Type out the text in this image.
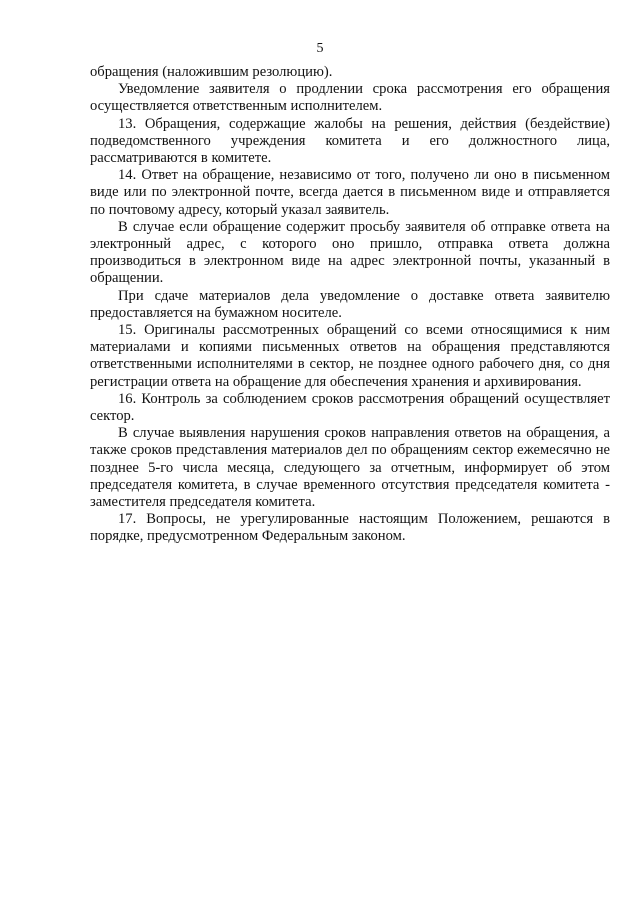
5

обращения (наложившим резолюцию).

Уведомление заявителя о продлении срока рассмотрения его обращения осуществляется ответственным исполнителем.

13. Обращения, содержащие жалобы на решения, действия (бездействие) подведомственного учреждения комитета и его должностного лица, рассматриваются в комитете.

14. Ответ на обращение, независимо от того, получено ли оно в письменном виде или по электронной почте, всегда дается в письменном виде и отправляется по почтовому адресу, который указал заявитель.

В случае если обращение содержит просьбу заявителя об отправке ответа на электронный адрес, с которого оно пришло, отправка ответа должна производиться в электронном виде на адрес электронной почты, указанный в обращении.

При сдаче материалов дела уведомление о доставке ответа заявителю предоставляется на бумажном носителе.

15. Оригиналы рассмотренных обращений со всеми относящимися к ним материалами и копиями письменных ответов на обращения представляются ответственными исполнителями в сектор, не позднее одного рабочего дня, со дня регистрации ответа на обращение для обеспечения хранения и архивирования.

16. Контроль за соблюдением сроков рассмотрения обращений осуществляет сектор.

В случае выявления нарушения сроков направления ответов на обращения, а также сроков представления материалов дел по обращениям сектор ежемесячно не позднее 5-го числа месяца, следующего за отчетным, информирует об этом председателя комитета, в случае временного отсутствия председателя комитета - заместителя председателя комитета.

17. Вопросы, не урегулированные настоящим Положением, решаются в порядке, предусмотренном Федеральным законом.
